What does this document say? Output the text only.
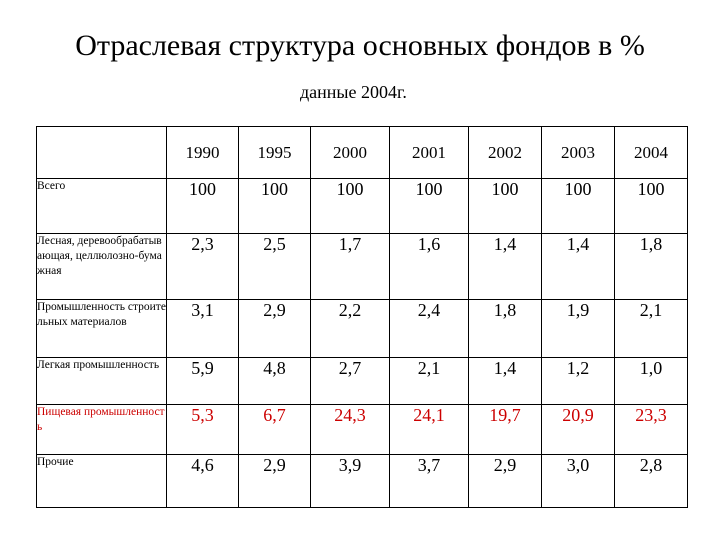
Отраслевая структура основных фондов в %
данные 2004г.
	1990	1995	2000	2001	2002	2003	2004
Всего	100	100	100	100	100	100	100
Лесная, деревообрабатывающая, целлюлозно-бумажная	2,3	2,5	1,7	1,6	1,4	1,4	1,8
Промышленность строительных материалов	3,1	2,9	2,2	2,4	1,8	1,9	2,1
Легкая промышленность	5,9	4,8	2,7	2,1	1,4	1,2	1,0
Пищевая промышленность	5,3	6,7	24,3	24,1	19,7	20,9	23,3
Прочие	4,6	2,9	3,9	3,7	2,9	3,0	2,8
